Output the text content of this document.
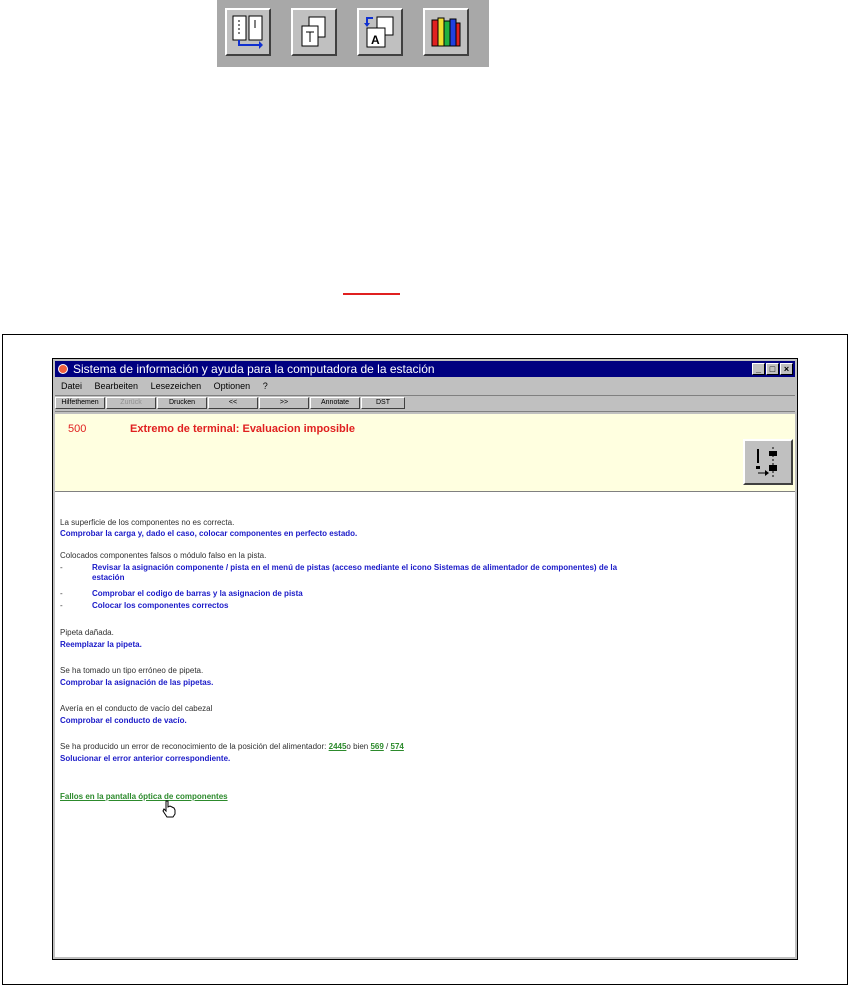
A
Sistema de información y ayuda para la computadora de la estación	_ □ ×
Datei Bearbeiten Lesezeichen Optionen ?
Hilfethemen	Zurück	Drucken	<<	>>	Annotate	DST
500	Extremo de terminal: Evaluacion imposible
La superficie de los componentes no es correcta.
Comprobar la carga y, dado el caso, colocar componentes en perfecto estado.
Colocados componentes falsos o módulo falso en la pista.
-	Revisar la asignación componente / pista en el menú de pistas (acceso mediante el icono Sistemas de alimentador de componentes) de la
estación
-	Comprobar el codigo de barras y la asignacion de pista
-	Colocar los componentes correctos
Pipeta dañada.
Reemplazar la pipeta.
Se ha tomado un tipo erróneo de pipeta.
Comprobar la asignación de las pipetas.
Avería en el conducto de vacío del cabezal
Comprobar el conducto de vacío.
Se ha producido un error de reconocimiento de la posición del alimentador: 2445o bien 569 / 574
Solucionar el error anterior correspondiente.
Fallos en la pantalla óptica de componentes
